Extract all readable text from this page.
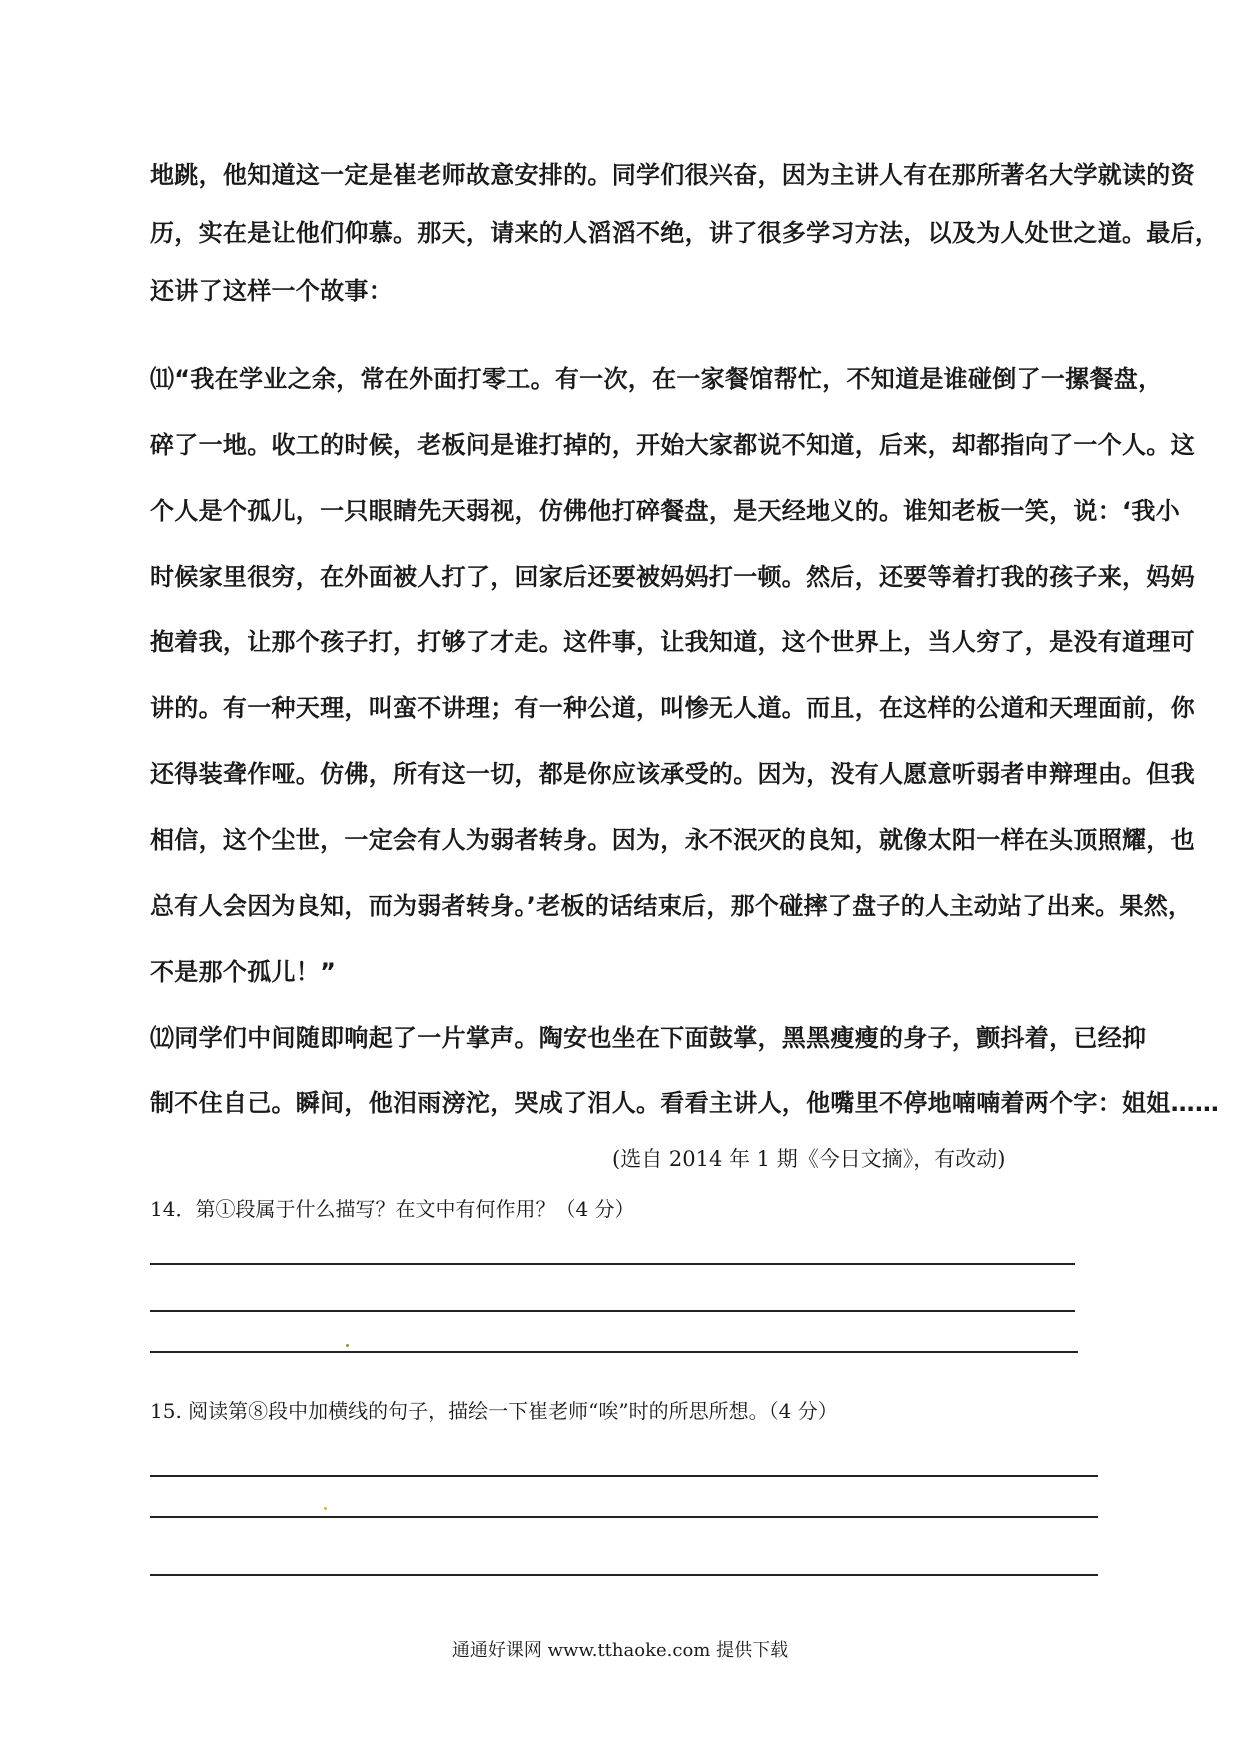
地跳，他知道这一定是崔老师故意安排的。同学们很兴奋，因为主讲人有在那所著名大学就读的资
历，实在是让他们仰慕。那天，请来的人滔滔不绝，讲了很多学习方法，以及为人处世之道。最后，
还讲了这样一个故事：
⑾“我在学业之余，常在外面打零工。有一次，在一家餐馆帮忙，不知道是谁碰倒了一摞餐盘，
碎了一地。收工的时候，老板问是谁打掉的，开始大家都说不知道，后来，却都指向了一个人。这
个人是个孤儿，一只眼睛先天弱视，仿佛他打碎餐盘，是天经地义的。谁知老板一笑，说：‘我小
时候家里很穷，在外面被人打了，回家后还要被妈妈打一顿。然后，还要等着打我的孩子来，妈妈
抱着我，让那个孩子打，打够了才走。这件事，让我知道，这个世界上，当人穷了，是没有道理可
讲的。有一种天理，叫蛮不讲理；有一种公道，叫惨无人道。而且，在这样的公道和天理面前，你
还得装聋作哑。仿佛，所有这一切，都是你应该承受的。因为，没有人愿意听弱者申辩理由。但我
相信，这个尘世，一定会有人为弱者转身。因为，永不泯灭的良知，就像太阳一样在头顶照耀，也
总有人会因为良知，而为弱者转身。’老板的话结束后，那个碰摔了盘子的人主动站了出来。果然，
不是那个孤儿！”
⑿同学们中间随即响起了一片掌声。陶安也坐在下面鼓掌，黑黑瘦瘦的身子，颤抖着，已经抑
制不住自己。瞬间，他泪雨滂沱，哭成了泪人。看看主讲人，他嘴里不停地喃喃着两个字：姐姐……
(选自 2014 年 1 期《今日文摘》，有改动)
14．第①段属于什么描写？在文中有何作用？（4 分）
15. 阅读第⑧段中加横线的句子，描绘一下崔老师“唉”时的所思所想。（4 分）
通通好课网 www.tthaoke.com 提供下载
